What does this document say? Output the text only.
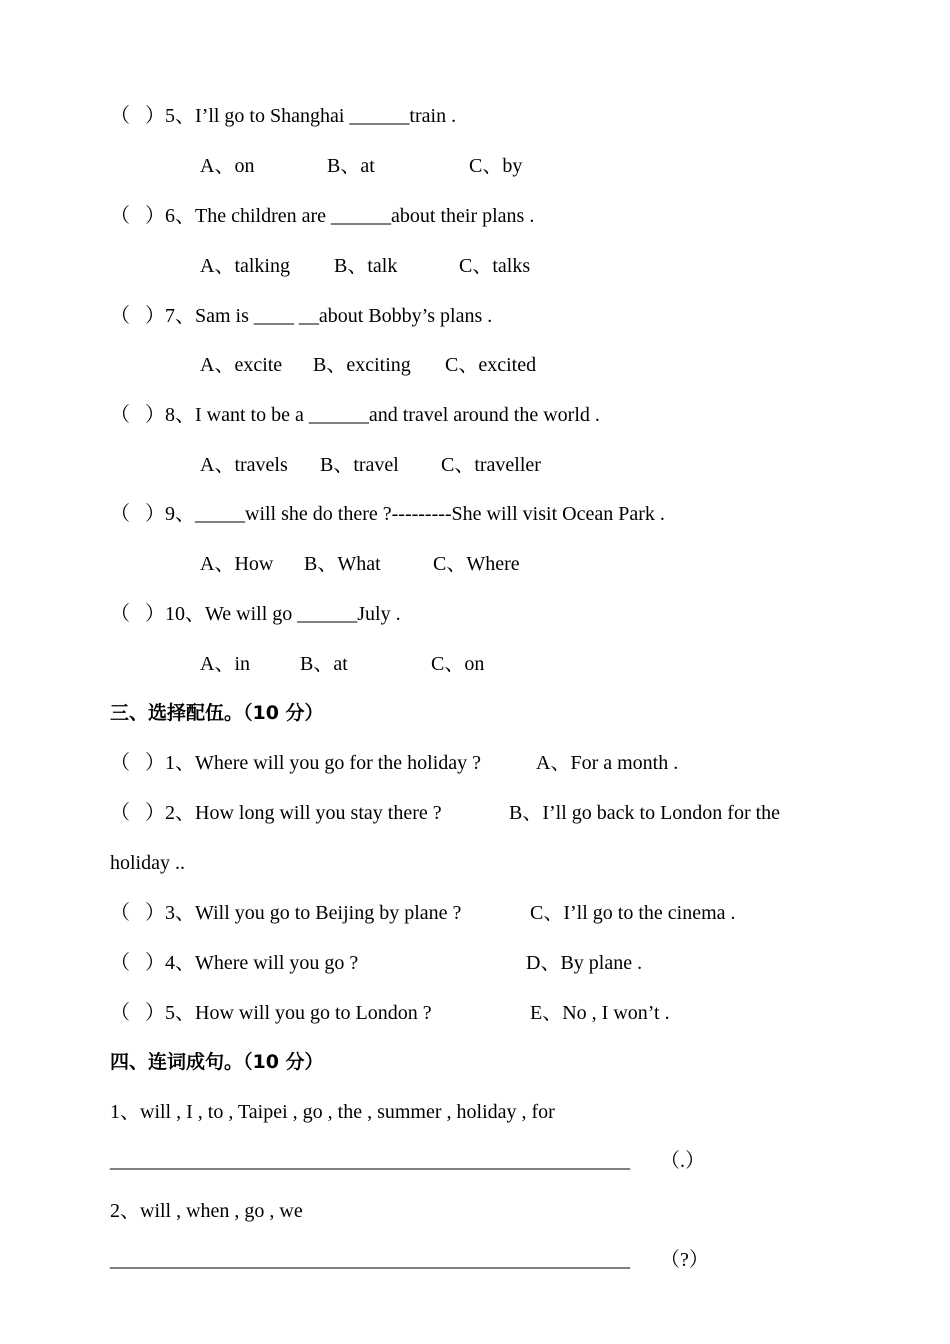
（   ）5、I’ll go to Shanghai ______train .
A、on	B、at	C、by
（   ）6、The children are ______about their plans .
A、talking B、talk	C、talks
（   ）7、Sam is ____ __about Bobby’s plans .
A、excite B、exciting C、excited
（   ）8、I want to be a ______and travel around the world .
A、travels B、travel C、traveller
（   ）9、_____will she do there ?---------She will visit Ocean Park .
A、How B、What	C、Where
（   ）10、We will go ______July .
A、in	B、at	C、on
三、选择配伍。（10 分）
（   ）1、Where will you go for the holiday ?	A、For a month .
（   ）2、How long will you stay there ?	B、I’ll go back to London for the
holiday ..
（   ）3、Will you go to Beijing by plane ?	C、I’ll go to the cinema .
（   ）4、Where will you go ?	D、By plane .
（   ）5、How will you go to London ?	E、No , I won’t .
四、连词成句。（10 分）
1、will , I , to , Taipei , go , the , summer , holiday , for
____________________________________________________ （.）
2、will , when , go , we
____________________________________________________ （?）
